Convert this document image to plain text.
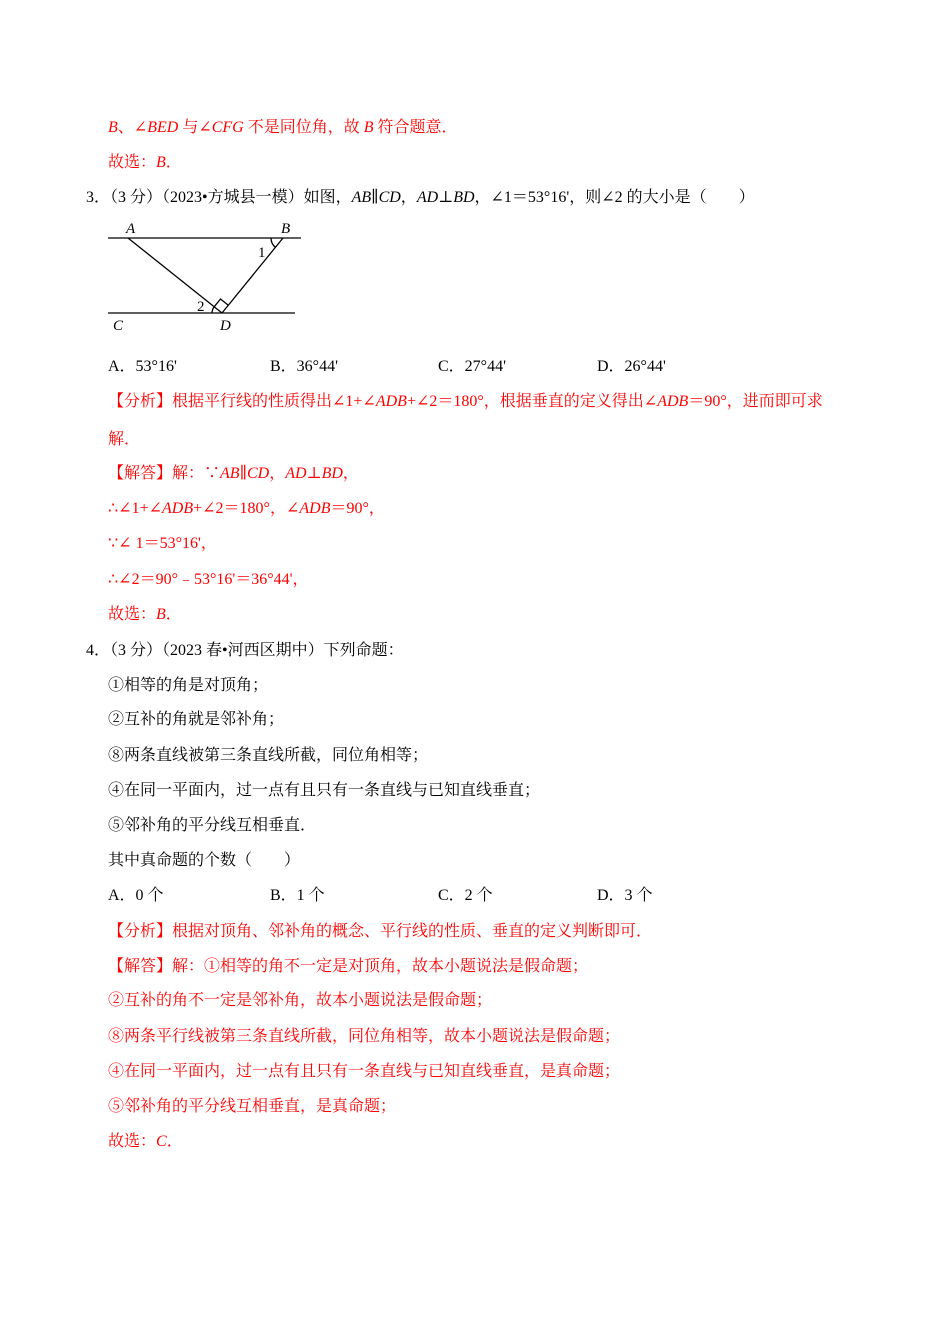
B、∠BED 与∠CFG 不是同位角，故 B 符合题意．
故选：B．
3．（3 分）（2023•方城县一模）如图，AB∥CD，AD⊥BD，∠1＝53°16'，则∠2 的大小是（　　）
A	B
C	D
1
2
A．53°16'	B．36°44'	C．27°44'	D．26°44'
【分析】根据平行线的性质得出∠1+∠ADB+∠2＝180°，根据垂直的定义得出∠ADB＝90°，进而即可求
解．
【解答】解：∵AB∥CD，AD⊥BD，
∴∠1+∠ADB+∠2＝180°，∠ADB＝90°，
∵∠ 1＝53°16'，
∴∠2＝90°﹣53°16'＝36°44'，
故选：B．
4．（3 分）（2023 春•河西区期中）下列命题：
①相等的角是对顶角；
②互补的角就是邻补角；
⑧两条直线被第三条直线所截，同位角相等；
④在同一平面内，过一点有且只有一条直线与已知直线垂直；
⑤邻补角的平分线互相垂直．
其中真命题的个数（　　）
A．0 个	B．1 个	C．2 个	D．3 个
【分析】根据对顶角、邻补角的概念、平行线的性质、垂直的定义判断即可．
【解答】解：①相等的角不一定是对顶角，故本小题说法是假命题；
②互补的角不一定是邻补角，故本小题说法是假命题；
⑧两条平行线被第三条直线所截，同位角相等，故本小题说法是假命题；
④在同一平面内，过一点有且只有一条直线与已知直线垂直，是真命题；
⑤邻补角的平分线互相垂直，是真命题；
故选：C．
